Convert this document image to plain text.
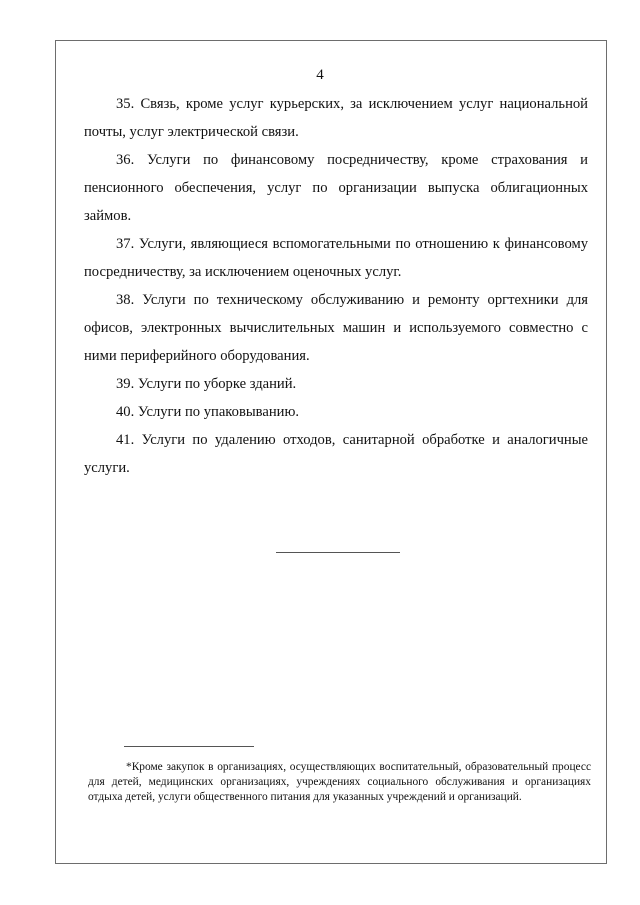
4

35. Связь, кроме услуг курьерских, за исключением услуг национальной почты, услуг электрической связи.

36. Услуги по финансовому посредничеству, кроме страхования и пенсионного обеспечения, услуг по организации выпуска облигационных займов.

37. Услуги, являющиеся вспомогательными по отношению к финансовому посредничеству, за исключением оценочных услуг.

38. Услуги по техническому обслуживанию и ремонту оргтехники для офисов, электронных вычислительных машин и используемого совместно с ними периферийного оборудования.

39. Услуги по уборке зданий.

40. Услуги по упаковыванию.

41. Услуги по удалению отходов, санитарной обработке и аналогичные услуги.

*Кроме закупок в организациях, осуществляющих воспитательный, образовательный процесс для детей, медицинских организациях, учреждениях социального обслуживания и организациях отдыха детей, услуги общественного питания для указанных учреждений и организаций.
